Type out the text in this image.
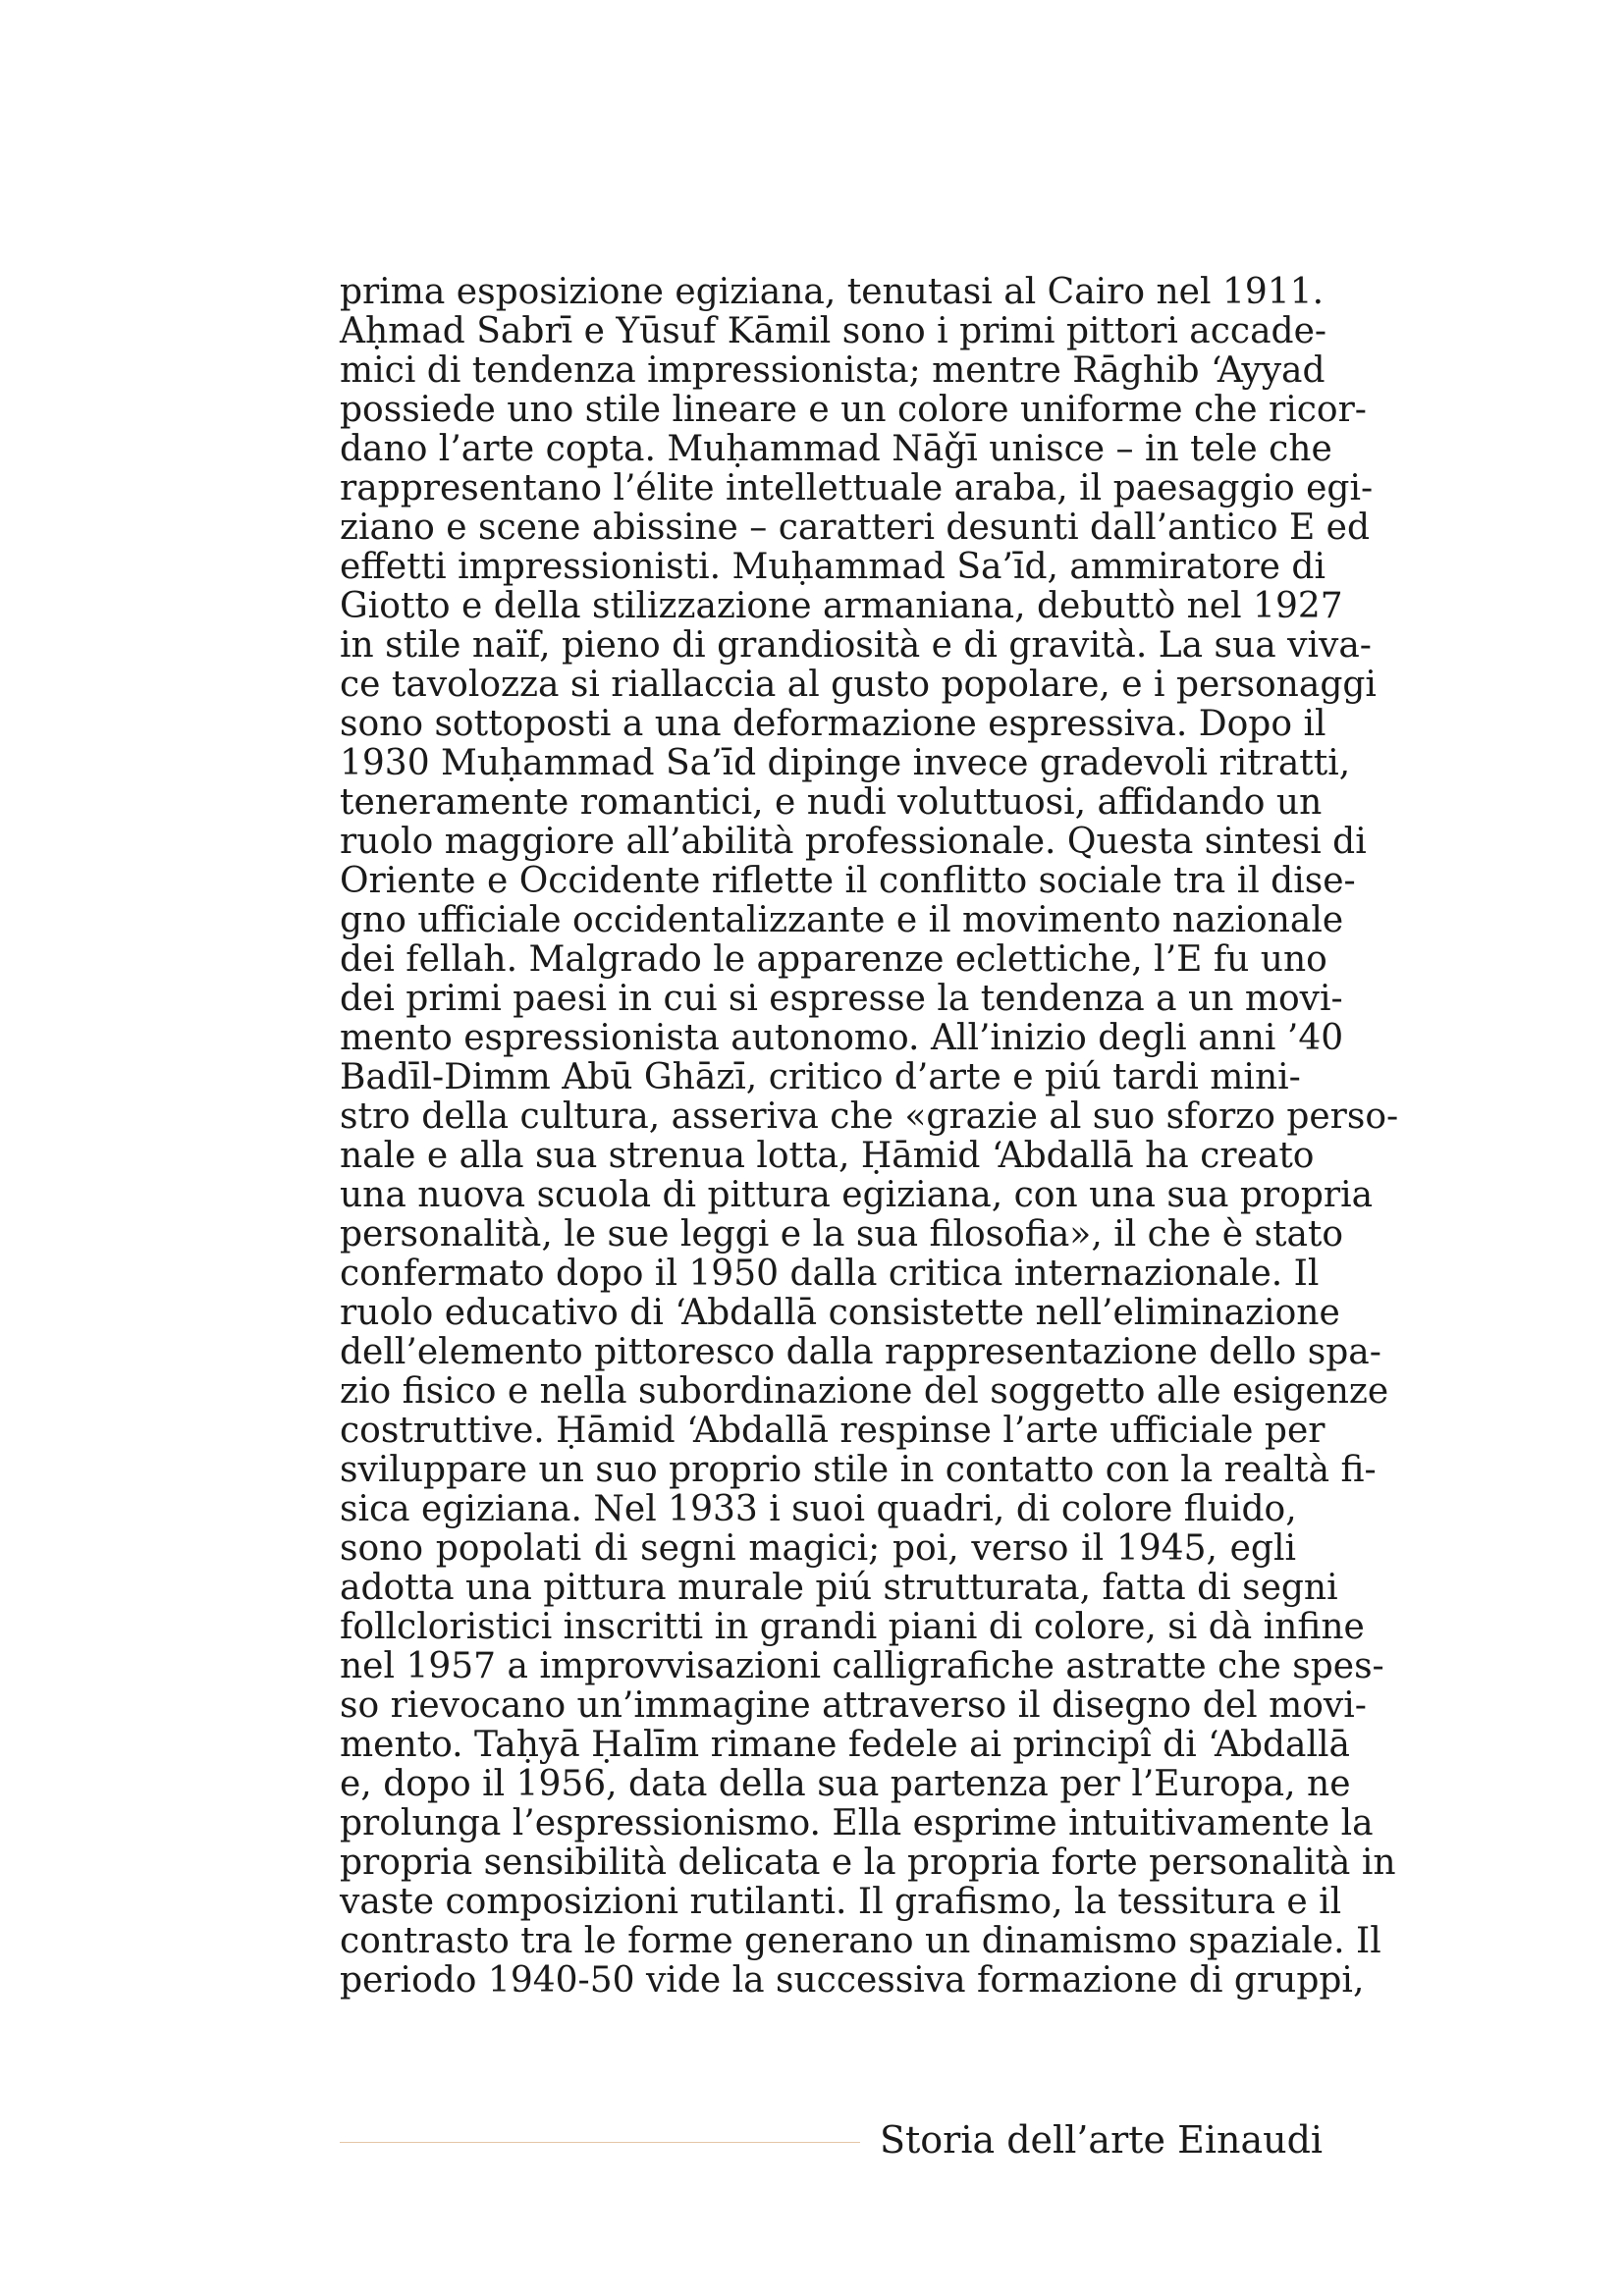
prima esposizione egiziana, tenutasi al Cairo nel 1911.
Aḥmad Sabrī e Yūsuf Kāmil sono i primi pittori accade-
mici di tendenza impressionista; mentre Rāghib ‘Ayyad
possiede uno stile lineare e un colore uniforme che ricor-
dano l’arte copta. Muḥammad Nāǧī unisce – in tele che
rappresentano l’élite intellettuale araba, il paesaggio egi-
ziano e scene abissine – caratteri desunti dall’antico E ed
effetti impressionisti. Muḥammad Sa’īd, ammiratore di
Giotto e della stilizzazione armaniana, debuttò nel 1927
in stile naïf, pieno di grandiosità e di gravità. La sua viva-
ce tavolozza si riallaccia al gusto popolare, e i personaggi
sono sottoposti a una deformazione espressiva. Dopo il
1930 Muḥammad Sa’īd dipinge invece gradevoli ritratti,
teneramente romantici, e nudi voluttuosi, affidando un
ruolo maggiore all’abilità professionale. Questa sintesi di
Oriente e Occidente riflette il conflitto sociale tra il dise-
gno ufficiale occidentalizzante e il movimento nazionale
dei fellah. Malgrado le apparenze eclettiche, l’E fu uno
dei primi paesi in cui si espresse la tendenza a un movi-
mento espressionista autonomo. All’inizio degli anni ’40
Badīl-Dimm Abū Ghāzī, critico d’arte e piú tardi mini-
stro della cultura, asseriva che «grazie al suo sforzo perso-
nale e alla sua strenua lotta, Ḥāmid ‘Abdallā ha creato
una nuova scuola di pittura egiziana, con una sua propria
personalità, le sue leggi e la sua filosofia», il che è stato
confermato dopo il 1950 dalla critica internazionale. Il
ruolo educativo di ‘Abdallā consistette nell’eliminazione
dell’elemento pittoresco dalla rappresentazione dello spa-
zio fisico e nella subordinazione del soggetto alle esigenze
costruttive. Ḥāmid ‘Abdallā respinse l’arte ufficiale per
sviluppare un suo proprio stile in contatto con la realtà fi-
sica egiziana. Nel 1933 i suoi quadri, di colore fluido,
sono popolati di segni magici; poi, verso il 1945, egli
adotta una pittura murale piú strutturata, fatta di segni
follcloristici inscritti in grandi piani di colore, si dà infine
nel 1957 a improvvisazioni calligrafiche astratte che spes-
so rievocano un’immagine attraverso il disegno del movi-
mento. Taḥyā Ḥalīm rimane fedele ai principî di ‘Abdallā
e, dopo il 1956, data della sua partenza per l’Europa, ne
prolunga l’espressionismo. Ella esprime intuitivamente la
propria sensibilità delicata e la propria forte personalità in
vaste composizioni rutilanti. Il grafismo, la tessitura e il
contrasto tra le forme generano un dinamismo spaziale. Il
periodo 1940-50 vide la successiva formazione di gruppi,
Storia dell’arte Einaudi
